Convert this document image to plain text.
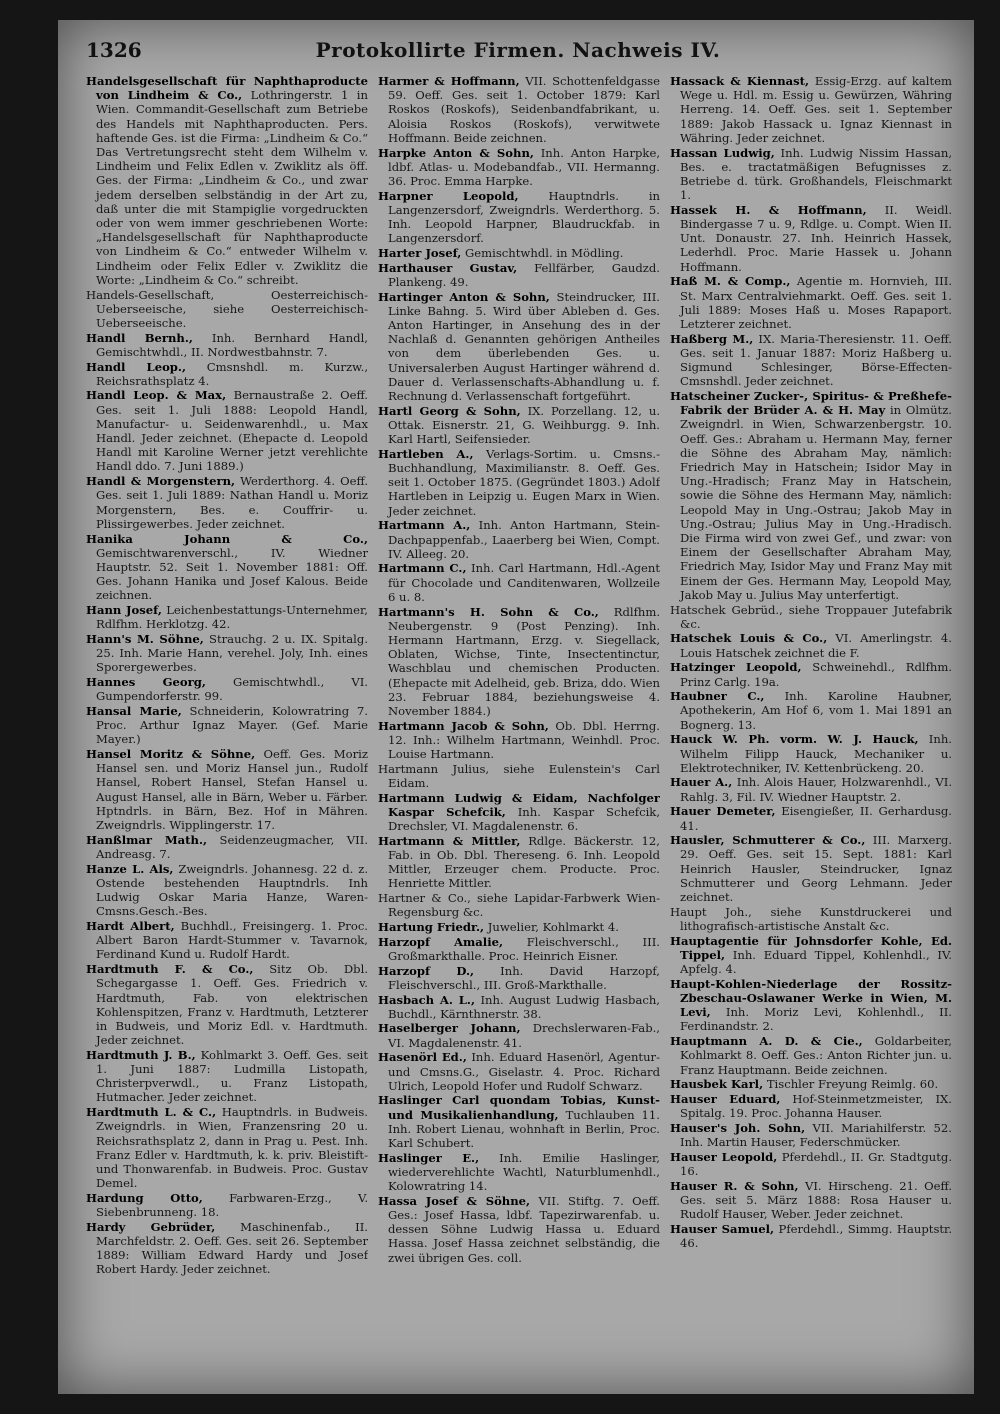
1326	Protokollirte Firmen. Nachweis IV.

Handelsgesellschaft für Naphthaproducte von Lindheim & Co., Lothringerstr. 1 in Wien. Commandit-Gesellschaft zum Betriebe des Handels mit Naphthaproducten. Pers. haftende Ges. ist die Firma: „Lindheim & Co.“ Das Vertretungsrecht steht dem Wilhelm v. Lindheim und Felix Edlen v. Zwiklitz als öff. Ges. der Firma: „Lindheim & Co., und zwar jedem derselben selbständig in der Art zu, daß unter die mit Stampiglie vorgedruckten oder von wem immer geschriebenen Worte: „Handelsgesellschaft für Naphthaproducte von Lindheim & Co.“ entweder Wilhelm v. Lindheim oder Felix Edler v. Zwiklitz die Worte: „Lindheim & Co.“ schreibt.

Handels-Gesellschaft, Oesterreichisch-Ueberseeische, siehe Oesterreichisch-Ueberseeische.

Handl Bernh., Inh. Bernhard Handl, Gemischtwhdl., II. Nordwestbahnstr. 7.

Handl Leop., Cmsnshdl. m. Kurzw., Reichsrathsplatz 4.

Handl Leop. & Max, Bernaustraße 2. Oeff. Ges. seit 1. Juli 1888: Leopold Handl, Manufactur- u. Seidenwarenhdl., u. Max Handl. Jeder zeichnet. (Ehepacte d. Leopold Handl mit Karoline Werner jetzt verehlichte Handl ddo. 7. Juni 1889.)

Handl & Morgenstern, Werderthorg. 4. Oeff. Ges. seit 1. Juli 1889: Nathan Handl u. Moriz Morgenstern, Bes. e. Couffrir- u. Plissirgewerbes. Jeder zeichnet.

Hanika Johann & Co., Gemischtwarenverschl., IV. Wiedner Hauptstr. 52. Seit 1. November 1881: Off. Ges. Johann Hanika und Josef Kalous. Beide zeichnen.

Hann Josef, Leichenbestattungs-Unternehmer, Rdlfhm. Herklotzg. 42.

Hann's M. Söhne, Strauchg. 2 u. IX. Spitalg. 25. Inh. Marie Hann, verehel. Joly, Inh. eines Sporergewerbes.

Hannes Georg, Gemischtwhdl., VI. Gumpendorferstr. 99.

Hansal Marie, Schneiderin, Kolowratring 7. Proc. Arthur Ignaz Mayer. (Gef. Marie Mayer.)

Hansel Moritz & Söhne, Oeff. Ges. Moriz Hansel sen. und Moriz Hansel jun., Rudolf Hansel, Robert Hansel, Stefan Hansel u. August Hansel, alle in Bärn, Weber u. Färber. Hptndrls. in Bärn, Bez. Hof in Mähren. Zweigndrls. Wipplingerstr. 17.

Hanßlmar Math., Seidenzeugmacher, VII. Andreasg. 7.

Hanze L. Als, Zweigndrls. Johannesg. 22 d. z. Ostende bestehenden Hauptndrls. Inh Ludwig Oskar Maria Hanze, Waren-Cmsns.Gesch.-Bes.

Hardt Albert, Buchhdl., Freisingerg. 1. Proc. Albert Baron Hardt-Stummer v. Tavarnok, Ferdinand Kund u. Rudolf Hardt.

Hardtmuth F. & Co., Sitz Ob. Dbl. Schegargasse 1. Oeff. Ges. Friedrich v. Hardtmuth, Fab. von elektrischen Kohlenspitzen, Franz v. Hardtmuth, Letzterer in Budweis, und Moriz Edl. v. Hardtmuth. Jeder zeichnet.

Hardtmuth J. B., Kohlmarkt 3. Oeff. Ges. seit 1. Juni 1887: Ludmilla Listopath, Christerpverwdl., u. Franz Listopath, Hutmacher. Jeder zeichnet.

Hardtmuth L. & C., Hauptndrls. in Budweis. Zweigndrls. in Wien, Franzensring 20 u. Reichsrathsplatz 2, dann in Prag u. Pest. Inh. Franz Edler v. Hardtmuth, k. k. priv. Bleistift- und Thonwarenfab. in Budweis. Proc. Gustav Demel.

Hardung Otto, Farbwaren-Erzg., V. Siebenbrunneng. 18.

Hardy Gebrüder, Maschinenfab., II. Marchfeldstr. 2. Oeff. Ges. seit 26. September 1889: William Edward Hardy und Josef Robert Hardy. Jeder zeichnet.

Harmer & Hoffmann, VII. Schottenfeldgasse 59. Oeff. Ges. seit 1. October 1879: Karl Roskos (Roskofs), Seidenbandfabrikant, u. Aloisia Roskos (Roskofs), verwitwete Hoffmann. Beide zeichnen.

Harpke Anton & Sohn, Inh. Anton Harpke, ldbf. Atlas- u. Modebandfab., VII. Hermanng. 36. Proc. Emma Harpke.

Harpner Leopold,	Hauptndrls. in Langenzersdorf, Zweigndrls. Werderthorg. 5. Inh. Leopold Harpner, Blaudruckfab. in Langenzersdorf.

Harter Josef, Gemischtwhdl. in Mödling.

Harthauser Gustav, Fellfärber, Gaudzd. Plankeng. 49.

Hartinger Anton & Sohn, Steindrucker, III. Linke Bahng. 5. Wird über Ableben d. Ges. Anton Hartinger, in Ansehung des in der Nachlaß d. Genannten gehörigen Antheiles von dem überlebenden Ges. u. Universalerben August Hartinger während d. Dauer d. Verlassenschafts-Abhandlung u. f. Rechnung d. Verlassenschaft fortgeführt.

Hartl Georg & Sohn, IX. Porzellang. 12, u. Ottak. Eisnerstr. 21, G. Weihburgg. 9. Inh. Karl Hartl, Seifensieder.

Hartleben A., Verlags-Sortim. u. Cmsns.-Buchhandlung, Maximilianstr. 8. Oeff. Ges. seit 1. October 1875. (Gegründet 1803.) Adolf Hartleben in Leipzig u. Eugen Marx in Wien. Jeder zeichnet.

Hartmann A., Inh. Anton Hartmann, Stein-Dachpappenfab., Laaerberg bei Wien, Compt. IV. Alleeg. 20.

Hartmann C., Inh. Carl Hartmann, Hdl.-Agent für Chocolade und Canditenwaren, Wollzeile 6 u. 8.

Hartmann's H. Sohn & Co., Rdlfhm. Neubergenstr. 9 (Post Penzing). Inh. Hermann Hartmann, Erzg. v. Siegellack, Oblaten, Wichse, Tinte, Insectentinctur, Waschblau und chemischen Producten. (Ehepacte mit Adelheid, geb. Briza, ddo. Wien 23. Februar 1884, beziehungsweise 4. November 1884.)

Hartmann Jacob & Sohn, Ob. Dbl. Herrng. 12. Inh.: Wilhelm Hartmann, Weinhdl. Proc. Louise Hartmann.

Hartmann Julius, siehe Eulenstein's Carl Eidam.

Hartmann Ludwig & Eidam, Nachfolger Kaspar Schefcik, Inh. Kaspar Schefcik, Drechsler, VI. Magdalenenstr. 6.

Hartmann & Mittler, Rdlge. Bäckerstr. 12, Fab. in Ob. Dbl. Thereseng. 6. Inh. Leopold Mittler, Erzeuger chem. Producte. Proc. Henriette Mittler.

Hartner & Co., siehe Lapidar-Farbwerk Wien-Regensburg &c.

Hartung Friedr., Juwelier, Kohlmarkt 4.

Harzopf Amalie, Fleischverschl., III. Großmarkthalle. Proc. Heinrich Eisner.

Harzopf D., Inh. David Harzopf, Fleischverschl., III. Groß-Markthalle.

Hasbach A. L., Inh. August Ludwig Hasbach, Buchdl., Kärnthnerstr. 38.

Haselberger Johann, Drechslerwaren-Fab., VI. Magdalenenstr. 41.

Hasenörl Ed., Inh. Eduard Hasenörl, Agentur- und Cmsns.G., Giselastr. 4. Proc. Richard Ulrich, Leopold Hofer und Rudolf Schwarz.

Haslinger Carl quondam Tobias, Kunst- und Musikalienhandlung, Tuchlauben 11. Inh. Robert Lienau, wohnhaft in Berlin, Proc. Karl Schubert.

Haslinger E., Inh. Emilie Haslinger, wiederverehlichte Wachtl, Naturblumenhdl., Kolowratring 14.

Hassa Josef & Söhne, VII. Stiftg. 7. Oeff. Ges.: Josef Hassa, ldbf. Tapezirwarenfab. u. dessen Söhne Ludwig Hassa u. Eduard Hassa. Josef Hassa zeichnet selbständig, die zwei übrigen Ges. coll.

Hassack & Kiennast, Essig-Erzg. auf kaltem Wege u. Hdl. m. Essig u. Gewürzen, Währing Herreng. 14. Oeff. Ges. seit 1. September 1889: Jakob Hassack u. Ignaz Kiennast in Währing. Jeder zeichnet.

Hassan Ludwig, Inh. Ludwig Nissim Hassan, Bes. e. tractatmäßigen Befugnisses z. Betriebe d. türk. Großhandels, Fleischmarkt 1.

Hassek H. & Hoffmann, II. Weidl. Bindergasse 7 u. 9, Rdlge. u. Compt. Wien II. Unt. Donaustr. 27. Inh. Heinrich Hassek, Lederhdl. Proc. Marie Hassek u. Johann Hoffmann.

Haß M. & Comp., Agentie m. Hornvieh, III. St. Marx Centralviehmarkt. Oeff. Ges. seit 1. Juli 1889: Moses Haß u. Moses Rapaport. Letzterer zeichnet.

Haßberg M., IX. Maria-Theresienstr. 11. Oeff. Ges. seit 1. Januar 1887: Moriz Haßberg u. Sigmund Schlesinger, Börse-Effecten-Cmsnshdl. Jeder zeichnet.

Hatscheiner Zucker-, Spiritus- & Preßhefe-Fabrik der Brüder A. & H. May in Olmütz. Zweigndrl. in Wien, Schwarzenbergstr. 10. Oeff. Ges.: Abraham u. Hermann May, ferner die Söhne des Abraham May, nämlich: Friedrich May in Hatschein; Isidor May in Ung.-Hradisch; Franz May in Hatschein, sowie die Söhne des Hermann May, nämlich: Leopold May in Ung.-Ostrau; Jakob May in Ung.-Ostrau; Julius May in Ung.-Hradisch. Die Firma wird von zwei Gef., und zwar: von Einem der Gesellschafter Abraham May, Friedrich May, Isidor May und Franz May mit Einem der Ges. Hermann May, Leopold May, Jakob May u. Julius May unterfertigt.

Hatschek Gebrüd., siehe Troppauer Jutefabrik &c.

Hatschek Louis & Co., VI. Amerlingstr. 4. Louis Hatschek zeichnet die F.

Hatzinger Leopold, Schweinehdl., Rdlfhm. Prinz Carlg. 19a.

Haubner C., Inh. Karoline Haubner, Apothekerin, Am Hof 6, vom 1. Mai 1891 an Bognerg. 13.

Hauck W. Ph. vorm. W. J. Hauck, Inh. Wilhelm Filipp Hauck, Mechaniker u. Elektrotechniker, IV. Kettenbrückeng. 20.

Hauer A., Inh. Alois Hauer, Holzwarenhdl., VI. Rahlg. 3, Fil. IV. Wiedner Hauptstr. 2.

Hauer Demeter, Eisengießer, II. Gerhardusg. 41.

Hausler, Schmutterer & Co., III. Marxerg. 29. Oeff. Ges. seit 15. Sept. 1881: Karl Heinrich Hausler, Steindrucker, Ignaz Schmutterer und Georg Lehmann. Jeder zeichnet.

Haupt Joh., siehe Kunstdruckerei und lithografisch-artistische Anstalt &c.

Hauptagentie für Johnsdorfer Kohle, Ed. Tippel, Inh. Eduard Tippel, Kohlenhdl., IV. Apfelg. 4.

Haupt-Kohlen-Niederlage der Rossitz-Zbeschau-Oslawaner Werke in Wien, M. Levi, Inh. Moriz Levi, Kohlenhdl., II. Ferdinandstr. 2.

Hauptmann A. D. & Cie., Goldarbeiter, Kohlmarkt 8. Oeff. Ges.: Anton Richter jun. u. Franz Hauptmann. Beide zeichnen.

Hausbek Karl, Tischler Freyung Reimlg. 60.

Hauser Eduard, Hof-Steinmetzmeister, IX. Spitalg. 19. Proc. Johanna Hauser.

Hauser's Joh. Sohn, VII. Mariahilferstr. 52. Inh. Martin Hauser, Federschmücker.

Hauser Leopold, Pferdehdl., II. Gr. Stadtgutg. 16.

Hauser R. & Sohn, VI. Hirscheng. 21. Oeff. Ges. seit 5. März 1888: Rosa Hauser u. Rudolf Hauser, Weber. Jeder zeichnet.

Hauser Samuel, Pferdehdl., Simmg. Hauptstr. 46.
